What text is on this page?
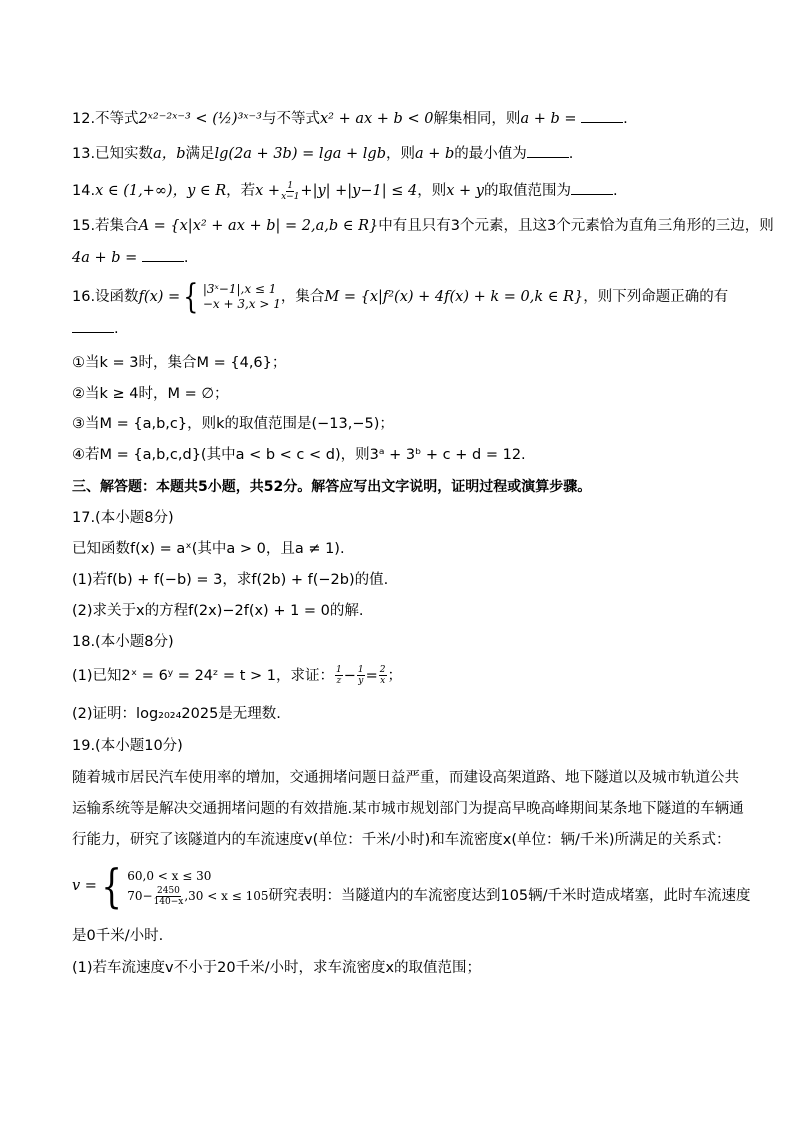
12.不等式2ˣ²⁻²ˣ⁻³ < (½)³ˣ⁻³与不等式x² + ax + b < 0解集相同，则a + b =	.
13.已知实数a，b满足lg(2a + 3b) = lga + lgb，则a + b的最小值为	.
14.x ∈ (1,+∞)，y ∈ R，若$x + \frac{1}{x-1} +|y| +|y-1| \le 4$，则x + y的取值范围为	.
15.若集合A = {x|x² + ax + b| = 2,a,b ∈ R}中有且只有3个元素，且这3个元素恰为直角三角形的三边，则
4a + b =	.
16.设函数 f(x) = { |3ˣ−1|,x ≤ 1
−x + 3,x > 1 ，集合 M = {x|f²(x) + 4f(x) + k = 0,k ∈ R} ，则下列命题正确的有
.
①当k = 3时，集合M = {4,6}；
②当k ≥ 4时，M = ∅；
③当M = {a,b,c}，则k的取值范围是(−13,−5)；
④若M = {a,b,c,d}(其中a < b < c < d)，则3ᵃ + 3ᵇ + c + d = 12.
三、解答题：本题共5小题，共52分。解答应写出文字说明，证明过程或演算步骤。
17.(本小题8分)
已知函数f(x) = aˣ(其中a > 0，且a ≠ 1).
(1)若f(b) + f(−b) = 3，求f(2b) + f(−2b)的值.
(2)求关于x的方程f(2x)−2f(x) + 1 = 0的解.
18.(本小题8分)
(1)已知2ˣ = 6ʸ = 24ᶻ = t > 1，求证： $\frac{1}{z} - \frac{1}{y} = \frac{2}{x}$ ；
(2)证明：log₂₀₂₄2025是无理数.
19.(本小题10分)
随着城市居民汽车使用率的增加，交通拥堵问题日益严重，而建设高架道路、地下隧道以及城市轨道公共
运输系统等是解决交通拥堵问题的有效措施.某市城市规划部门为提高早晚高峰期间某条地下隧道的车辆通
行能力，研究了该隧道内的车流速度v(单位：千米/小时)和车流密度x(单位：辆/千米)所满足的关系式：
v = { 60,0 < x ≤ 30
$70- \frac{2450}{140-x} ,30 < x \le 105$ 研究表明：当隧道内的车流密度达到105辆/千米时造成堵塞，此时车流速度
是0千米/小时.
(1)若车流速度v不小于20千米/小时，求车流密度x的取值范围；
